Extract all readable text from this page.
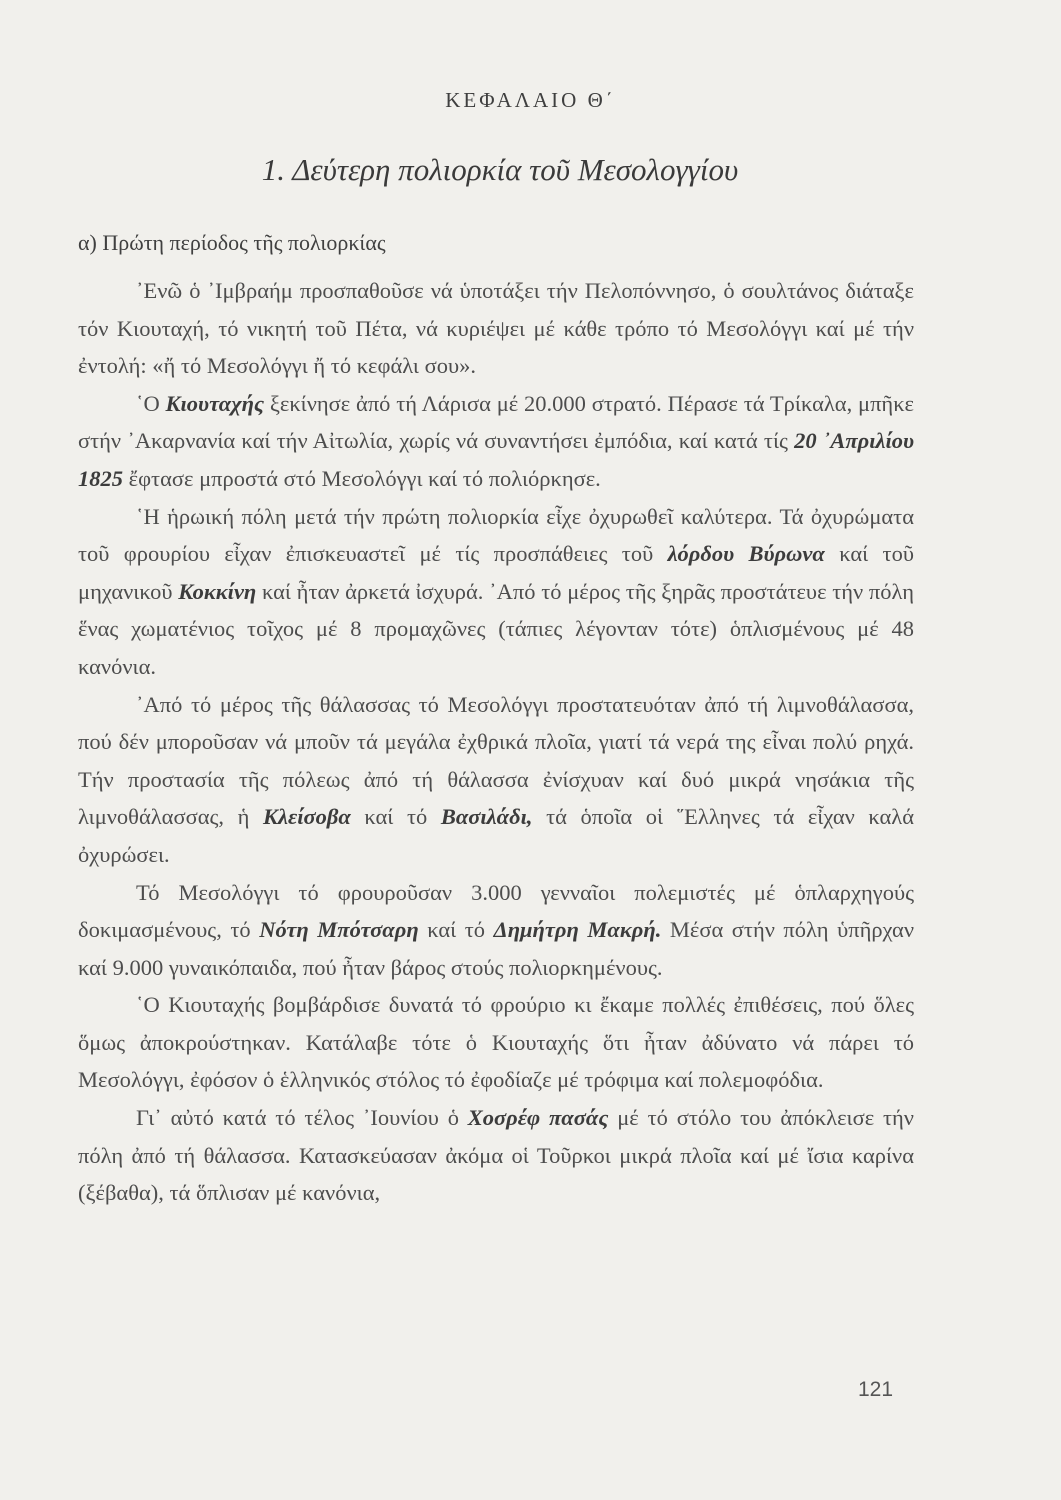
ΚΕΦΑΛΑΙΟ Θ΄
1. Δεύτερη πολιορκία τοῦ Μεσολογγίου
α) Πρώτη περίοδος τῆς πολιορκίας

᾿Ενῶ ὁ ᾿Ιμβραήμ προσπαθοῦσε νά ὑποτάξει τήν Πελοπόννησο, ὁ σουλτάνος διάταξε τόν Κιουταχή, τό νικητή τοῦ Πέτα, νά κυριέψει μέ κάθε τρόπο τό Μεσολόγγι καί μέ τήν ἐντολή: «ἤ τό Μεσολόγγι ἤ τό κεφάλι σου».

῾Ο Κιουταχής ξεκίνησε ἀπό τή Λάρισα μέ 20.000 στρατό. Πέρασε τά Τρίκαλα, μπῆκε στήν ᾿Ακαρνανία καί τήν Αἰτωλία, χωρίς νά συναντήσει ἐμπόδια, καί κατά τίς 20 ᾿Απριλίου 1825 ἔφτασε μπροστά στό Μεσολόγγι καί τό πολιόρκησε.

῾Η ἡρωική πόλη μετά τήν πρώτη πολιορκία εἶχε ὀχυρωθεῖ καλύτερα. Τά ὀχυρώματα τοῦ φρουρίου εἶχαν ἐπισκευαστεῖ μέ τίς προσπάθειες τοῦ λόρδου Βύρωνα καί τοῦ μηχανικοῦ Κοκκίνη καί ἦταν ἀρκετά ἰσχυρά. ᾿Από τό μέρος τῆς ξηρᾶς προστάτευε τήν πόλη ἕνας χωματένιος τοῖχος μέ 8 προμαχῶνες (τάπιες λέγονταν τότε) ὁπλισμένους μέ 48 κανόνια.

᾿Από τό μέρος τῆς θάλασσας τό Μεσολόγγι προστατευόταν ἀπό τή λιμνοθάλασσα, πού δέν μποροῦσαν νά μποῦν τά μεγάλα ἐχθρικά πλοῖα, γιατί τά νερά της εἶναι πολύ ρηχά. Τήν προστασία τῆς πόλεως ἀπό τή θάλασσα ἐνίσχυαν καί δυό μικρά νησάκια τῆς λιμνοθάλασσας, ἡ Κλείσοβα καί τό Βασιλάδι, τά ὁποῖα οἱ ῞Ελληνες τά εἶχαν καλά ὀχυρώσει.

Τό Μεσολόγγι τό φρουροῦσαν 3.000 γενναῖοι πολεμιστές μέ ὁπλαρχηγούς δοκιμασμένους, τό Νότη Μπότσαρη καί τό Δημήτρη Μακρή. Μέσα στήν πόλη ὑπῆρχαν καί 9.000 γυναικόπαιδα, πού ἦταν βάρος στούς πολιορκημένους.

῾Ο Κιουταχής βομβάρδισε δυνατά τό φρούριο κι ἔκαμε πολλές ἐπιθέσεις, πού ὅλες ὅμως ἀποκρούστηκαν. Κατάλαβε τότε ὁ Κιουταχής ὅτι ἦταν ἀδύνατο νά πάρει τό Μεσολόγγι, ἐφόσον ὁ ἑλληνικός στόλος τό ἐφοδίαζε μέ τρόφιμα καί πολεμοφόδια.

Γι᾿ αὐτό κατά τό τέλος ᾿Ιουνίου ὁ Χοσρέφ πασάς μέ τό στόλο του ἀπόκλεισε τήν πόλη ἀπό τή θάλασσα. Κατασκεύασαν ἀκόμα οἱ Τοῦρκοι μικρά πλοῖα καί μέ ἴσια καρίνα (ξέβαθα), τά ὅπλισαν μέ κανόνια,

121
